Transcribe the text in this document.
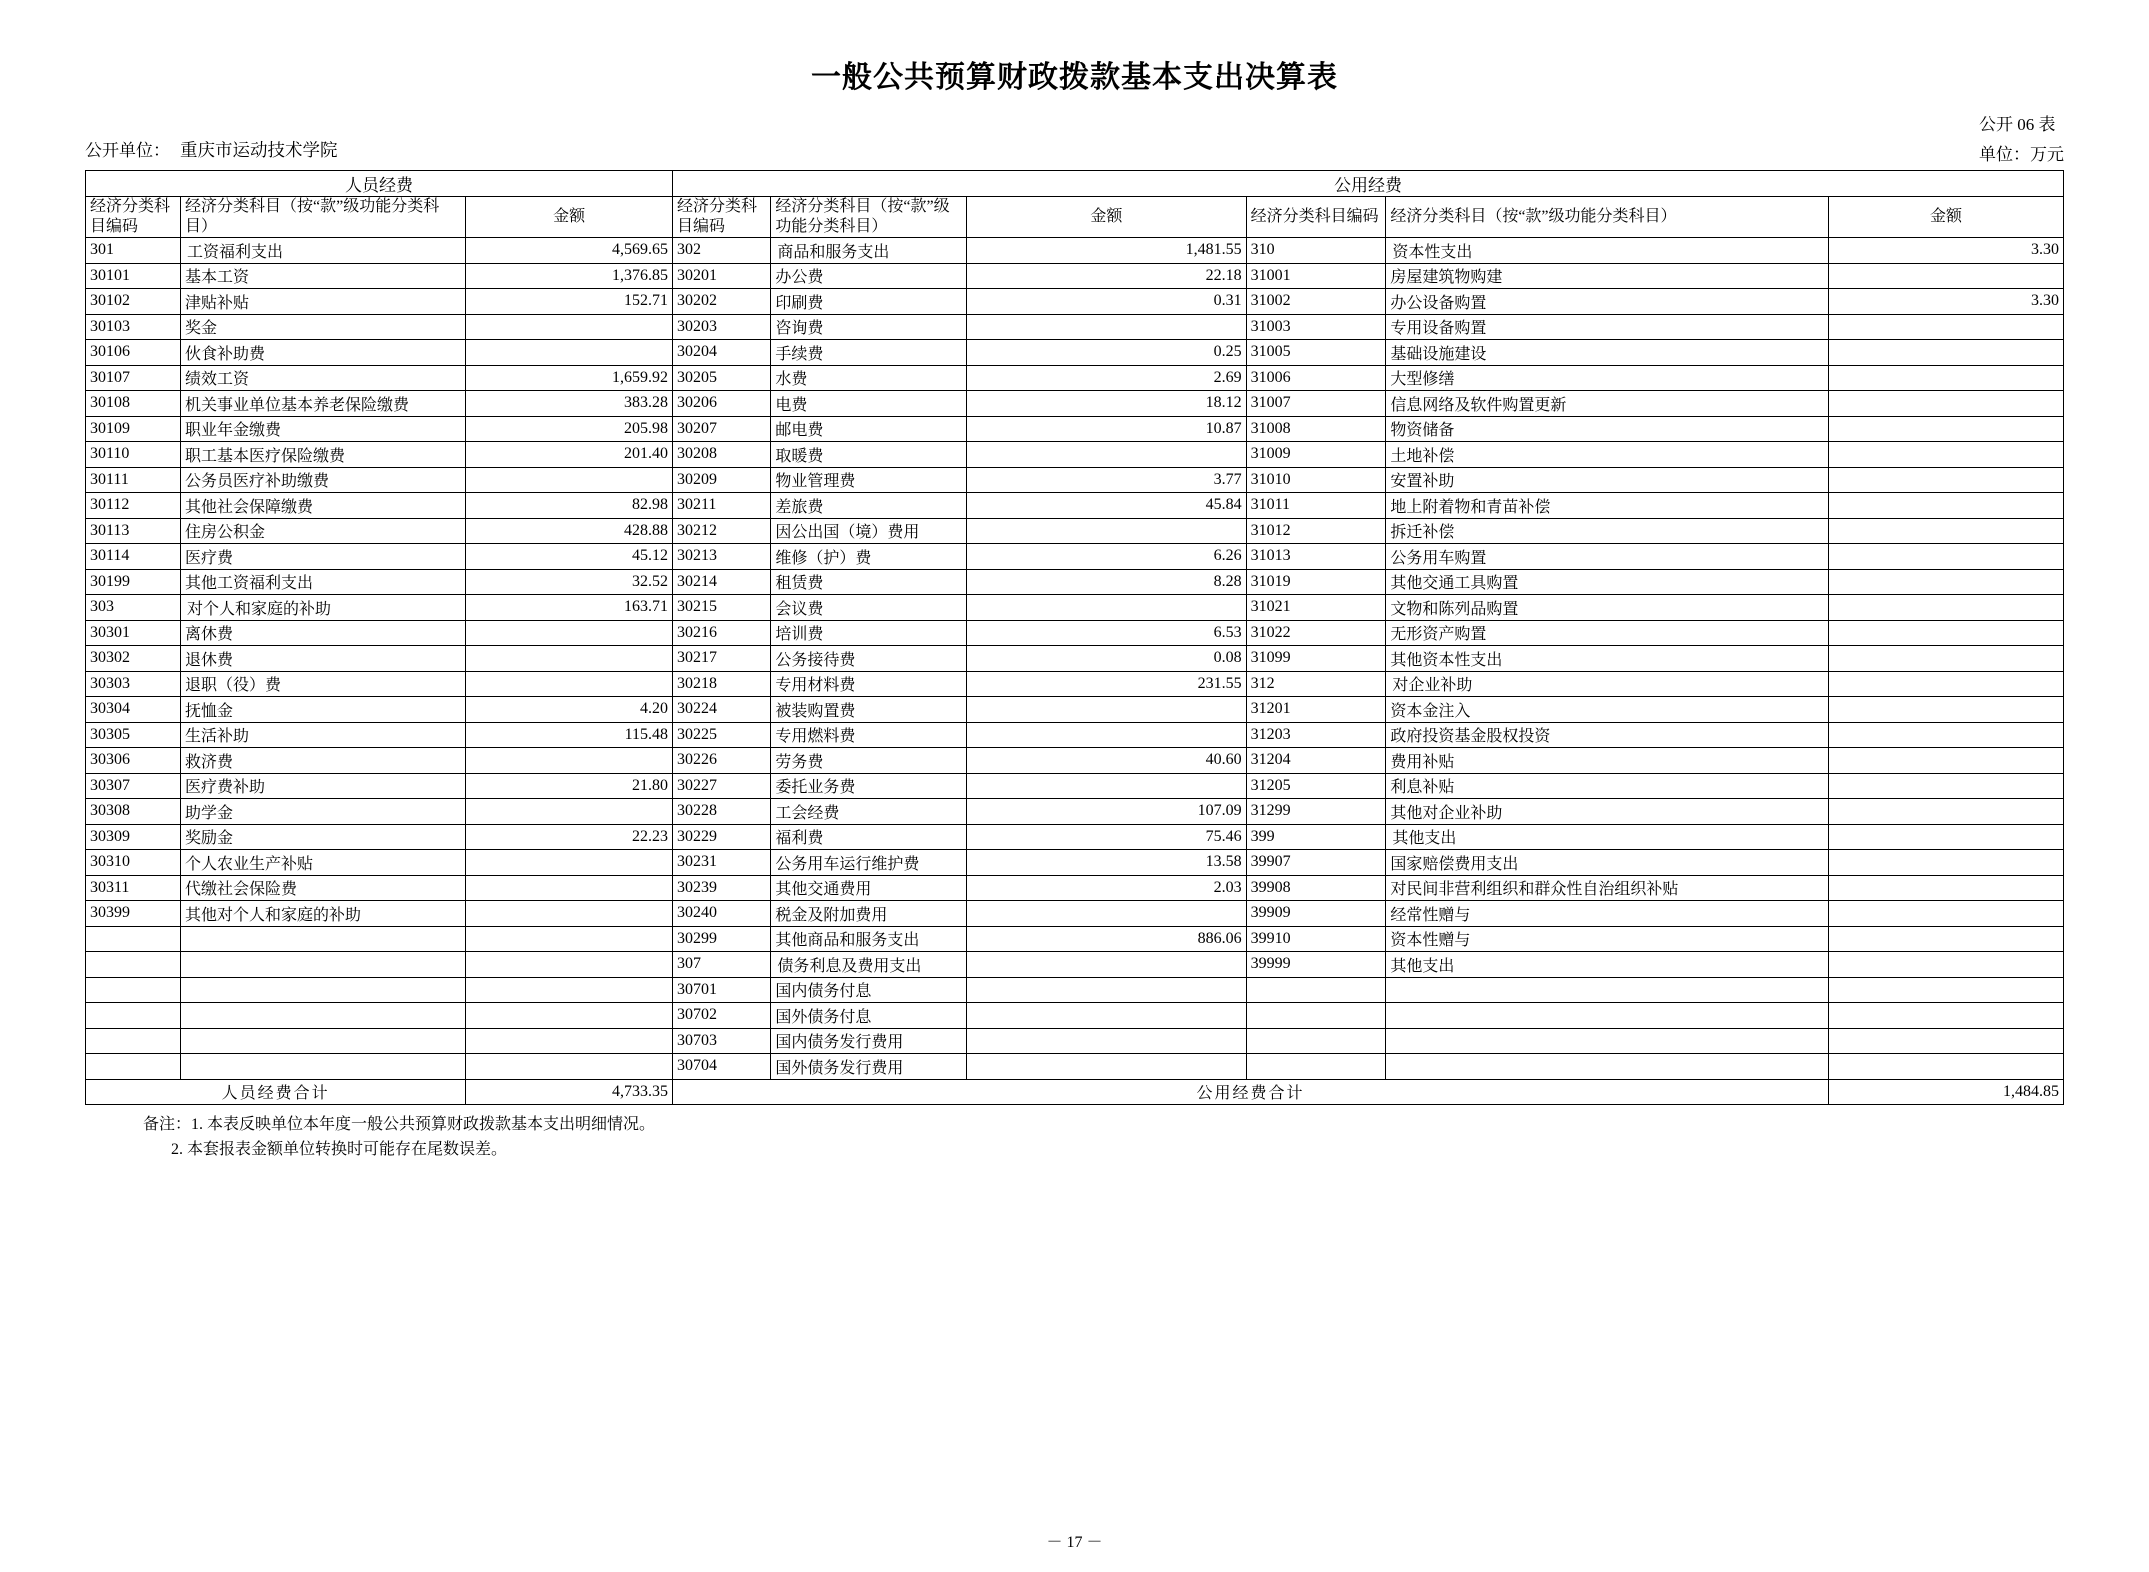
一般公共预算财政拨款基本支出决算表
公开单位： 重庆市运动技术学院
公开 06 表
单位：万元
人员经费			公用经费					
经济分类科目编码	经济分类科目（按“款”级功能分类科目）	金额	经济分类科目编码	经济分类科目（按“款”级功能分类科目）	金额	经济分类科目编码	经济分类科目（按“款”级功能分类科目）	金额
301	工资福利支出	4,569.65	302	商品和服务支出	1,481.55	310	资本性支出	3.30
30101	基本工资	1,376.85	30201	办公费	22.18	31001	房屋建筑物购建	
30102	津贴补贴	152.71	30202	印刷费	0.31	31002	办公设备购置	3.30
30103	奖金		30203	咨询费		31003	专用设备购置	
30106	伙食补助费		30204	手续费	0.25	31005	基础设施建设	
30107	绩效工资	1,659.92	30205	水费	2.69	31006	大型修缮	
30108	机关事业单位基本养老保险缴费	383.28	30206	电费	18.12	31007	信息网络及软件购置更新	
30109	职业年金缴费	205.98	30207	邮电费	10.87	31008	物资储备	
30110	职工基本医疗保险缴费	201.40	30208	取暖费		31009	土地补偿	
30111	公务员医疗补助缴费		30209	物业管理费	3.77	31010	安置补助	
30112	其他社会保障缴费	82.98	30211	差旅费	45.84	31011	地上附着物和青苗补偿	
30113	住房公积金	428.88	30212	因公出国（境）费用		31012	拆迁补偿	
30114	医疗费	45.12	30213	维修（护）费	6.26	31013	公务用车购置	
30199	其他工资福利支出	32.52	30214	租赁费	8.28	31019	其他交通工具购置	
303	对个人和家庭的补助	163.71	30215	会议费		31021	文物和陈列品购置	
30301	离休费		30216	培训费	6.53	31022	无形资产购置	
30302	退休费		30217	公务接待费	0.08	31099	其他资本性支出	
30303	退职（役）费		30218	专用材料费	231.55	312	对企业补助	
30304	抚恤金	4.20	30224	被装购置费		31201	资本金注入	
30305	生活补助	115.48	30225	专用燃料费		31203	政府投资基金股权投资	
30306	救济费		30226	劳务费	40.60	31204	费用补贴	
30307	医疗费补助	21.80	30227	委托业务费		31205	利息补贴	
30308	助学金		30228	工会经费	107.09	31299	其他对企业补助	
30309	奖励金	22.23	30229	福利费	75.46	399	其他支出	
30310	个人农业生产补贴		30231	公务用车运行维护费	13.58	39907	国家赔偿费用支出	
30311	代缴社会保险费		30239	其他交通费用	2.03	39908	对民间非营利组织和群众性自治组织补贴	
30399	其他对个人和家庭的补助		30240	税金及附加费用		39909	经常性赠与	
			30299	其他商品和服务支出	886.06	39910	资本性赠与	
			307	债务利息及费用支出		39999	其他支出	
			30701	国内债务付息				
			30702	国外债务付息				
			30703	国内债务发行费用				
			30704	国外债务发行费用				
人员经费合计		4,733.35	公用经费合计					1,484.85
备注：1. 本表反映单位本年度一般公共预算财政拨款基本支出明细情况。
2. 本套报表金额单位转换时可能存在尾数误差。
－ 17 －
